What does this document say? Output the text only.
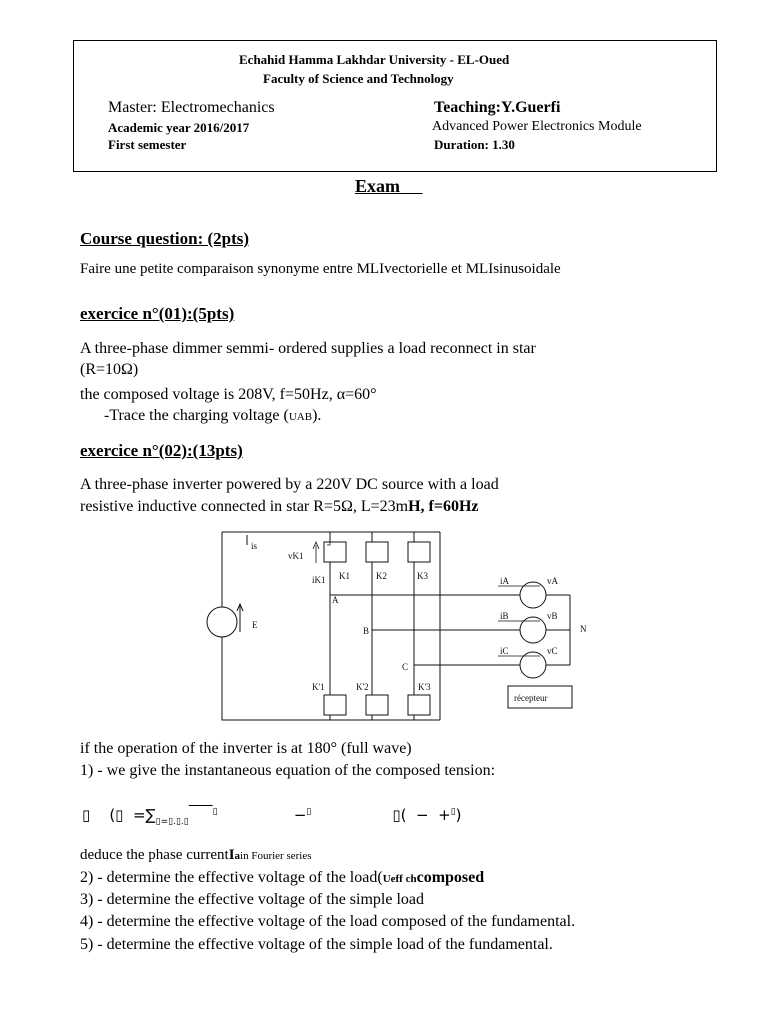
Echahid Hamma Lakhdar University - EL-Oued
Faculty of Science and Technology
Master: Electromechanics	Teaching:Y.Guerfi
Academic year 2016/2017	Advanced Power Electronics Module
First semester	Duration: 1.30
Exam
Course question: (2pts)
Faire une petite comparaison synonyme entre MLIvectorielle et MLIsinusoidale
exercice n°(01):(5pts)
A three-phase dimmer semmi- ordered supplies a load reconnect in star
(R=10Ω)
the composed voltage is 208V, f=50Hz, α=60°
-Trace the charging voltage (UAB).
exercice n°(02):(13pts)
A three-phase inverter powered by a 220V DC source with a load
resistive inductive connected in star R=5Ω, L=23mH, f=60Hz
is
E
vK1
iK1 K1	K2	K3
K'1	K'2	K'3
A
B
C
iA
iB
iC
vA
vB
vC
N
récepteur
if the operation of the inverter is at 180° (full wave)
1) - we give the instantaneous equation of the composed tension:
▯    (▯  $=\sum_{▯=▯.▯.▯}$     ▯                −▯                 ▯(  −  +▯)
deduce the phase currentIain Fourier series
2) - determine the effective voltage of the load(Ueff chcomposed
3) - determine the effective voltage of the simple load
4) - determine the effective voltage of the load composed of the fundamental.
5) - determine the effective voltage of the simple load of the fundamental.
